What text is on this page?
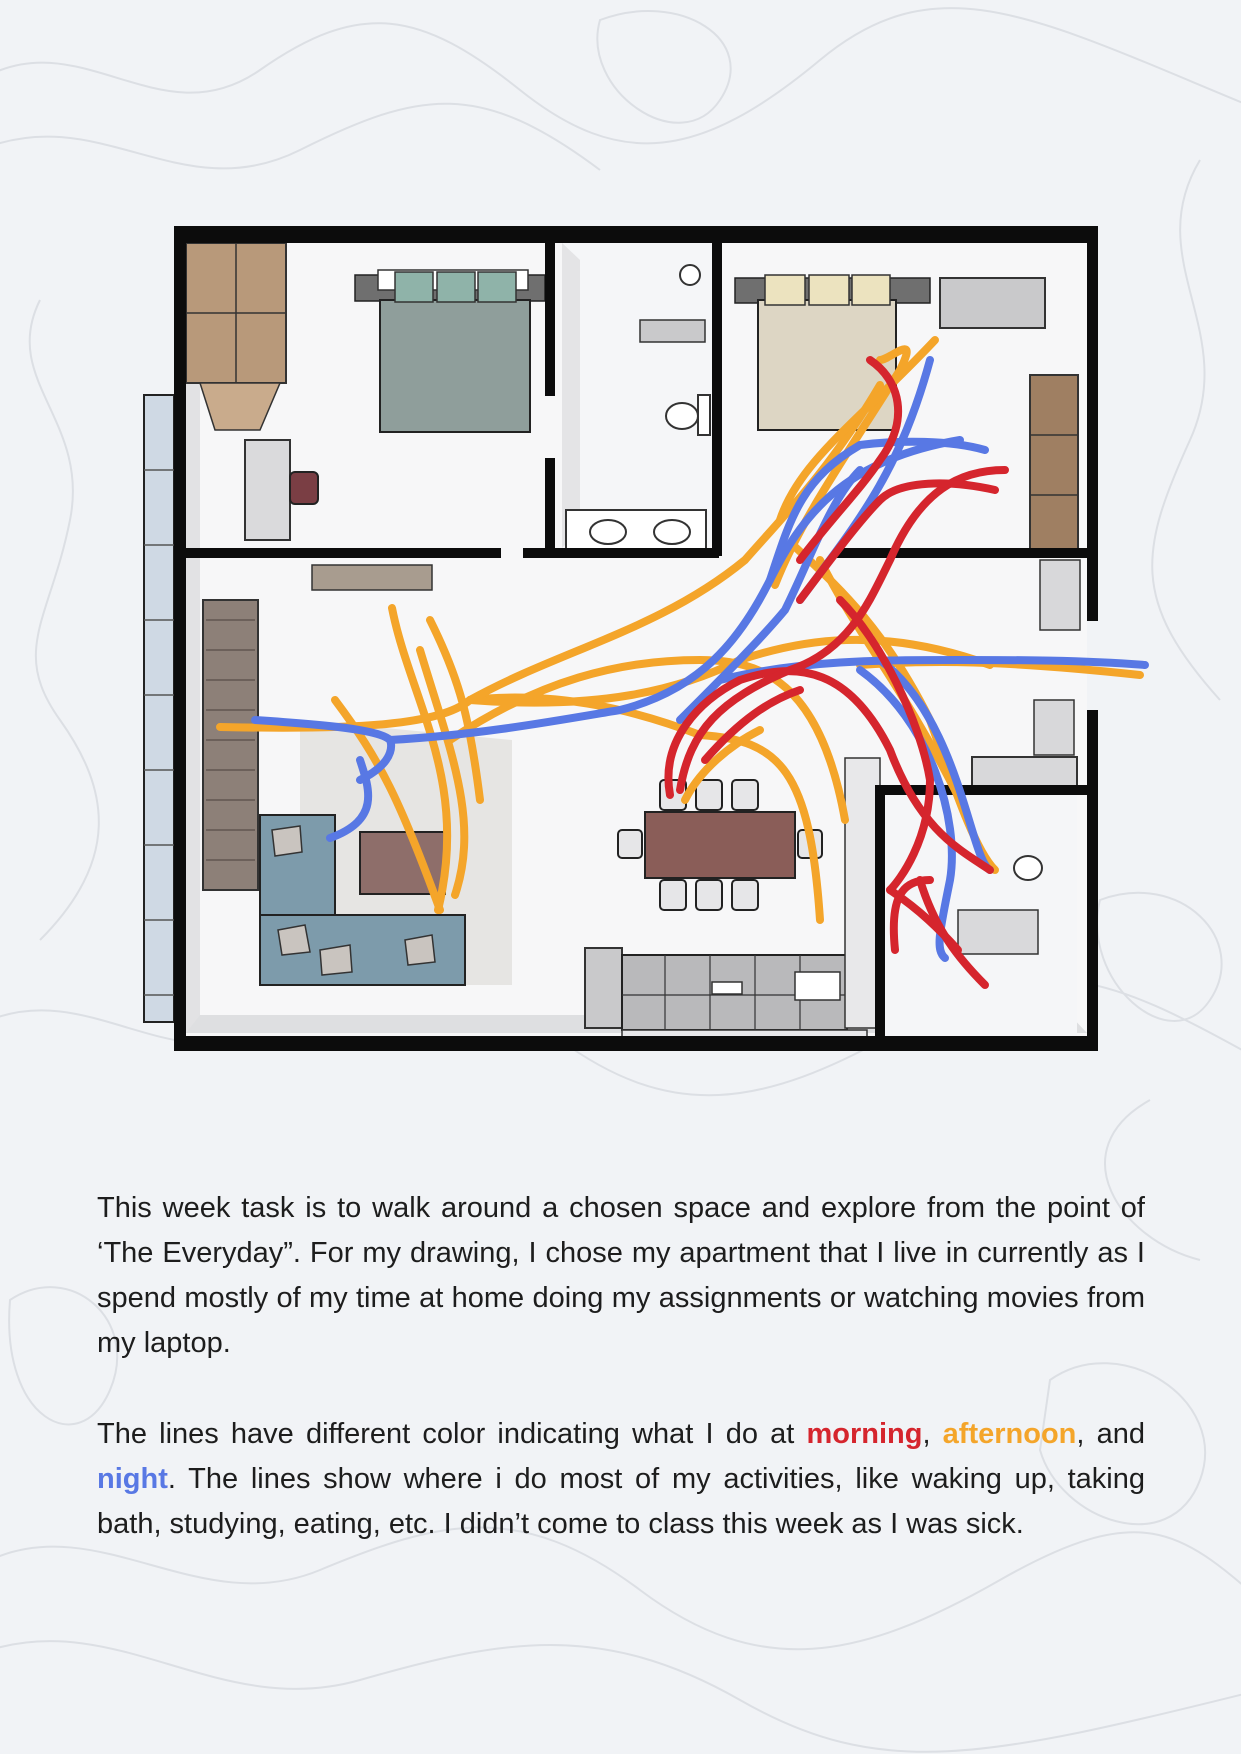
This week task is to walk around a chosen space and explore from the point of ‘The Everyday”. For my drawing, I chose my apartment that I live in currently as I spend mostly of my time at home doing my assignments or watching movies from my laptop.

The lines have different color indicating what I do at morning, afternoon, and night. The lines show where i do most of my activities, like waking up, taking bath, studying, eating, etc. I didn’t come to class this week as I was sick.
